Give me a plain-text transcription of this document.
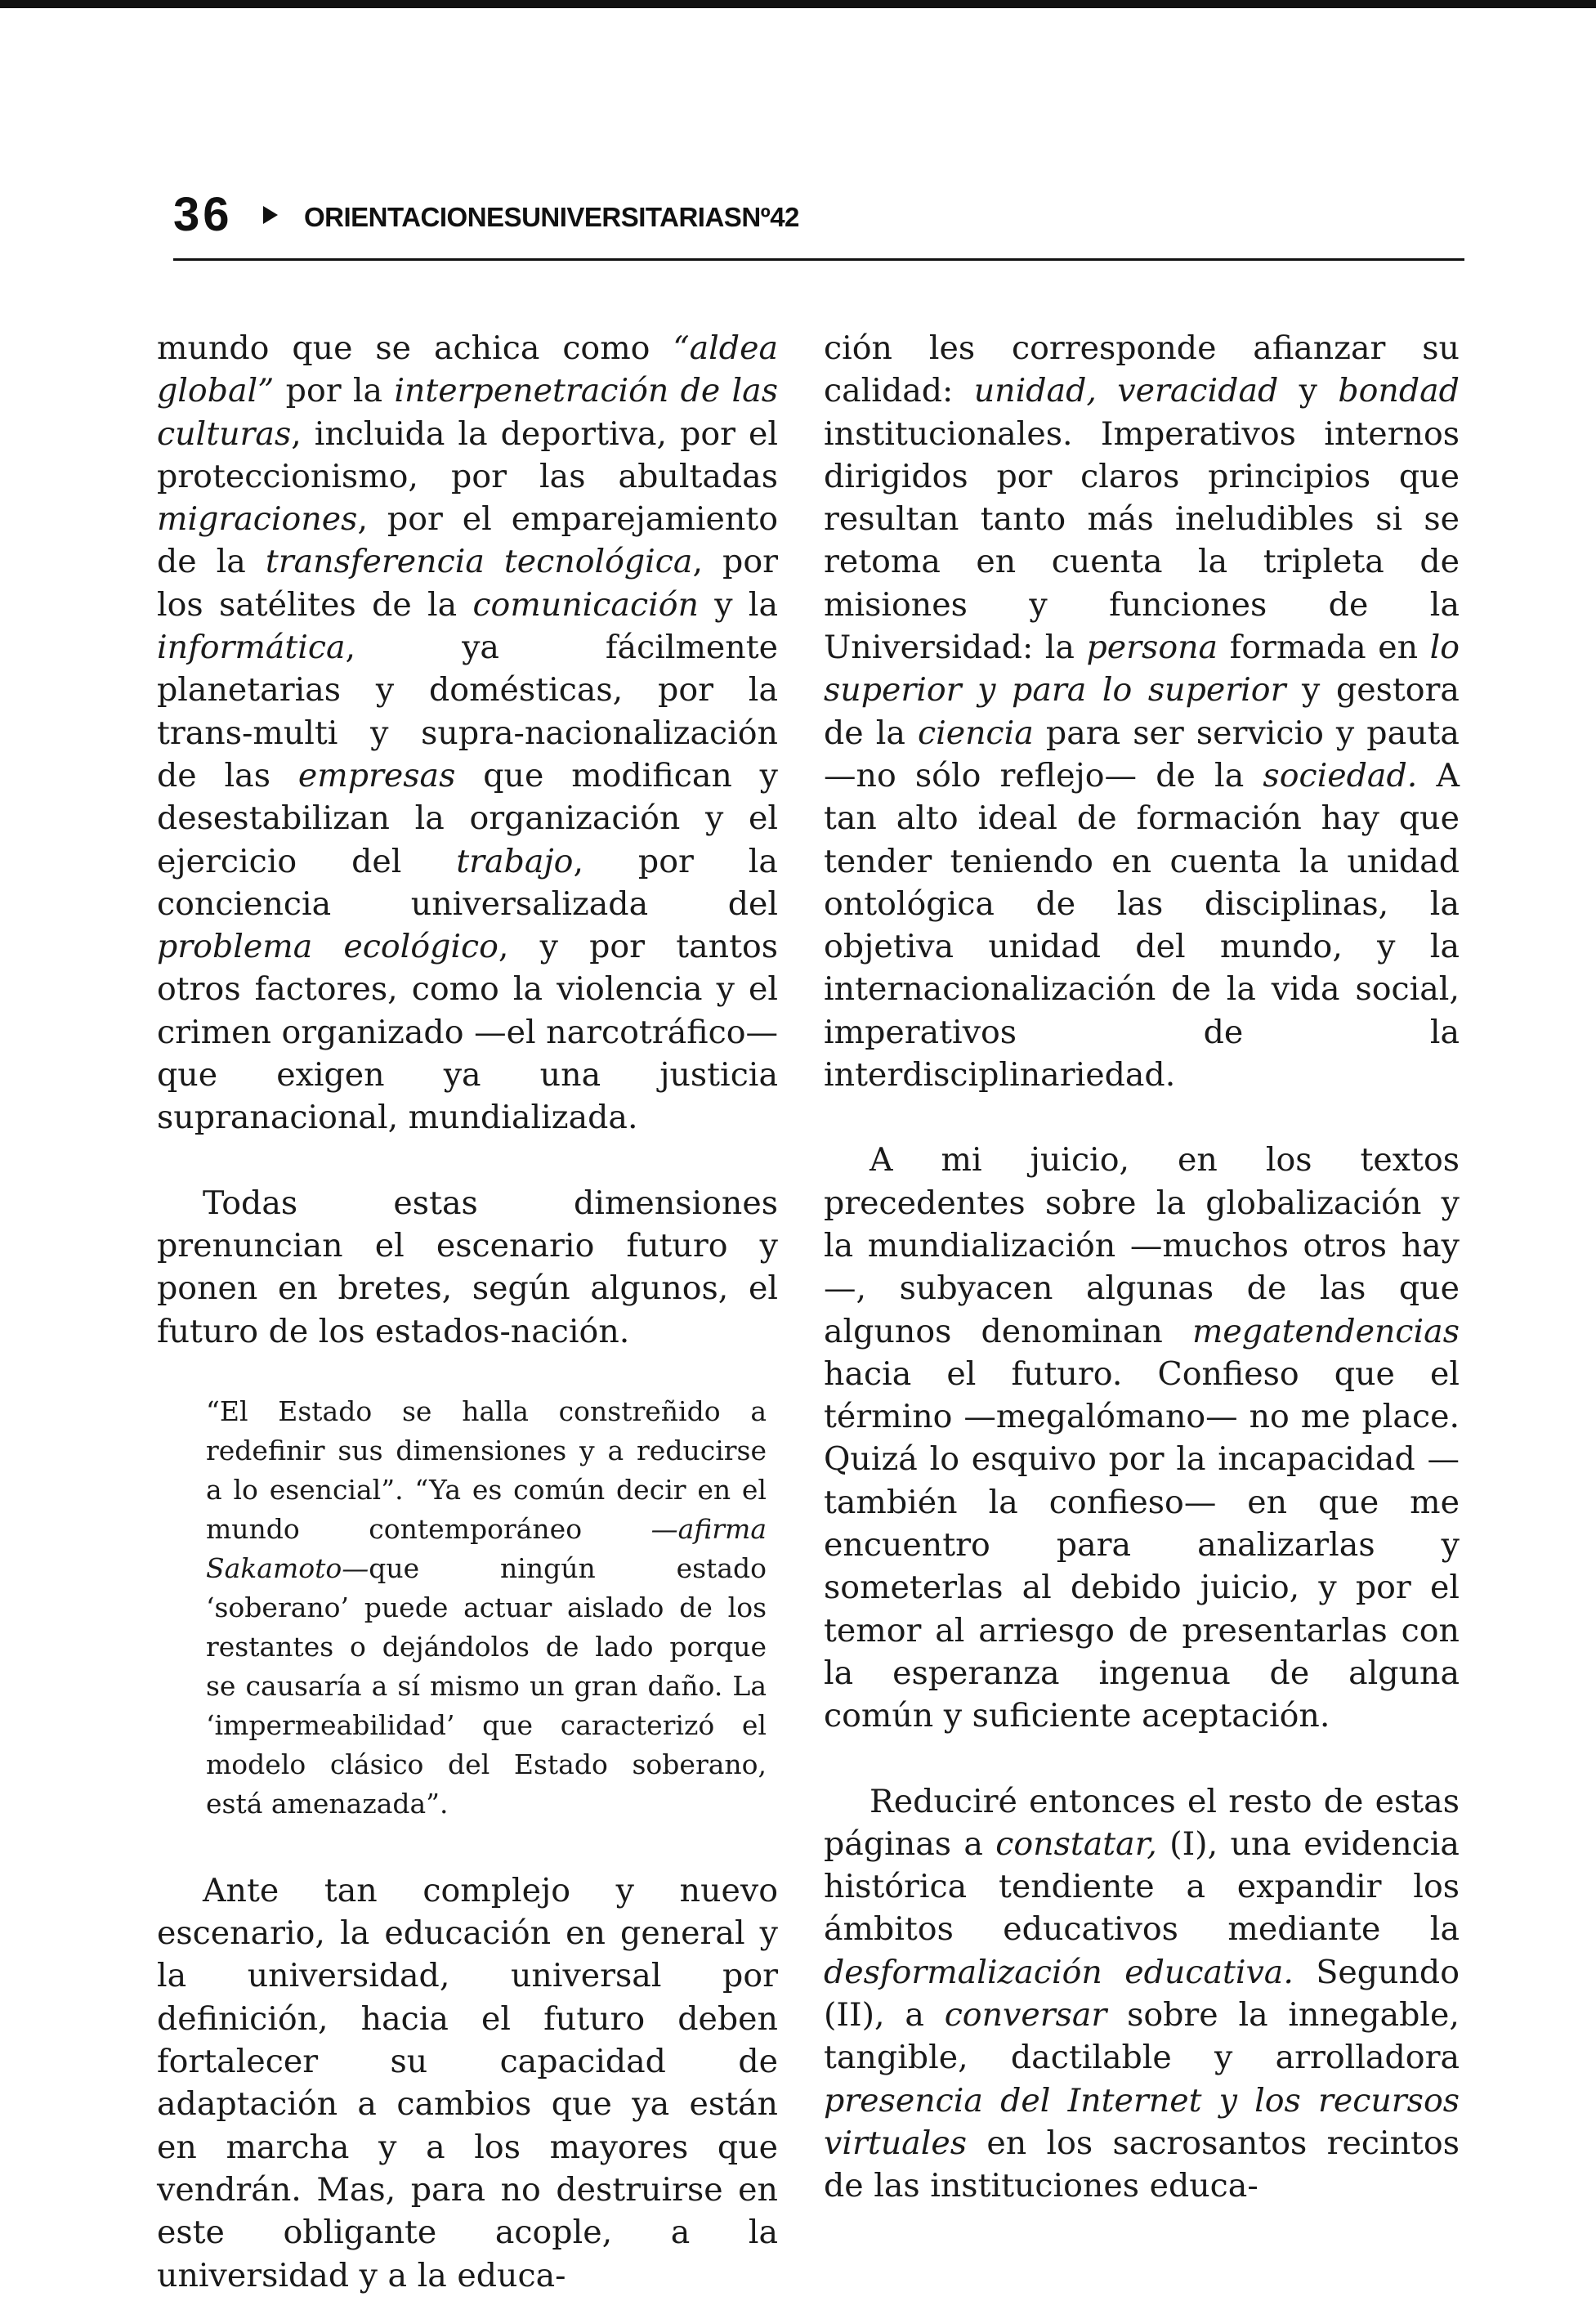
36	ORIENTACIONESUNIVERSITARIASNº42

mundo que se achica como “aldea global” por la interpenetración de las culturas, incluida la deportiva, por el proteccionismo, por las abultadas migraciones, por el emparejamiento de la transferencia tecnológica, por los satélites de la comunicación y la informática, ya fácilmente planetarias y domésticas, por la trans-multi y supra-nacionalización de las empresas que modifican y desestabilizan la organización y el ejercicio del trabajo, por la conciencia universalizada del problema ecológico, y por tantos otros factores, como la violencia y el crimen organizado —el narcotráfico— que exigen ya una justicia supranacional, mundializada.

Todas estas dimensiones prenuncian el escenario futuro y ponen en bretes, según algunos, el futuro de los estados-nación.

“El Estado se halla constreñido a redefinir sus dimensiones y a reducirse a lo esencial”. “Ya es común decir en el mundo contemporáneo —afirma Sakamoto—que ningún estado ‘soberano’ puede actuar aislado de los restantes o dejándolos de lado porque se causaría a sí mismo un gran daño. La ‘impermeabilidad’ que caracterizó el modelo clásico del Estado soberano, está amenazada”.

Ante tan complejo y nuevo escenario, la educación en general y la universidad, universal por definición, hacia el futuro deben fortalecer su capacidad de adaptación a cambios que ya están en marcha y a los mayores que vendrán. Mas, para no destruirse en este obligante acople, a la universidad y a la educa-

ción les corresponde afianzar su calidad: unidad, veracidad y bondad institucionales. Imperativos internos dirigidos por claros principios que resultan tanto más ineludibles si se retoma en cuenta la tripleta de misiones y funciones de la Universidad: la persona formada en lo superior y para lo superior y gestora de la ciencia para ser servicio y pauta —no sólo reflejo— de la sociedad. A tan alto ideal de formación hay que tender teniendo en cuenta la unidad ontológica de las disciplinas, la objetiva unidad del mundo, y la internacionalización de la vida social, imperativos de la interdisciplinariedad.

A mi juicio, en los textos precedentes sobre la globalización y la mundialización —muchos otros hay—, subyacen algunas de las que algunos denominan megatendencias hacia el futuro. Confieso que el término —megalómano— no me place. Quizá lo esquivo por la incapacidad —también la confieso— en que me encuentro para analizarlas y someterlas al debido juicio, y por el temor al arriesgo de presentarlas con la esperanza ingenua de alguna común y suficiente aceptación.

Reduciré entonces el resto de estas páginas a constatar, (I), una evidencia histórica tendiente a expandir los ámbitos educativos mediante la desformalización educativa. Segundo (II), a conversar sobre la innegable, tangible, dactilable y arrolladora presencia del Internet y los recursos virtuales en los sacrosantos recintos de las instituciones educa-
